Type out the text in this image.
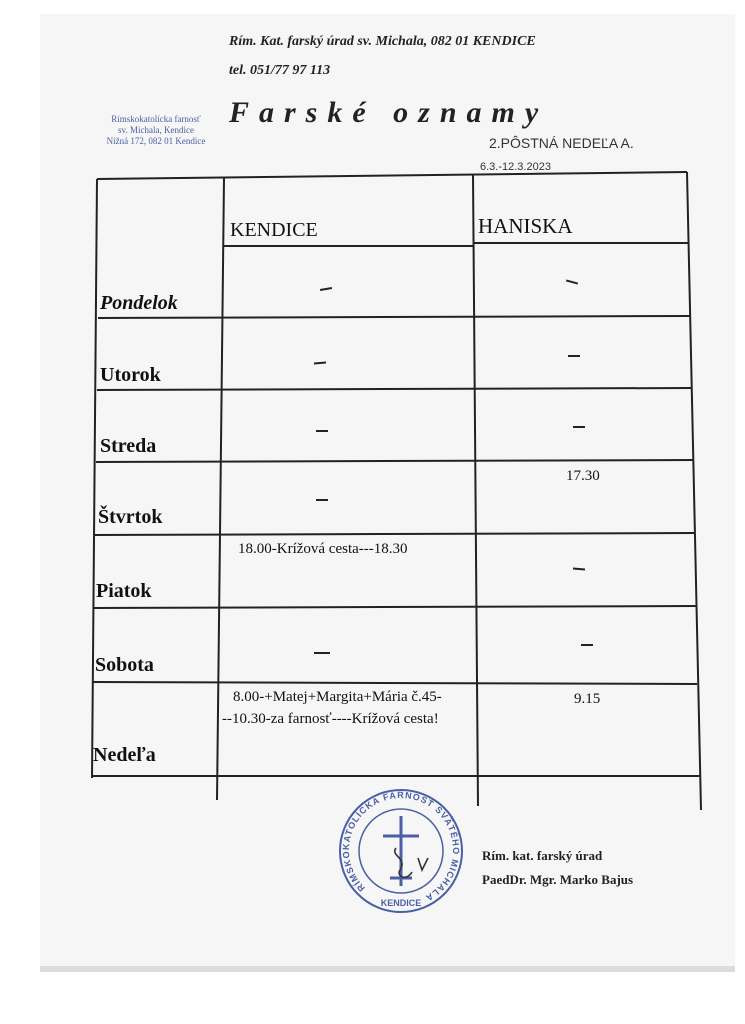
Rím. Kat. farský úrad sv. Michala, 082 01 KENDICE
tel. 051/77 97 113
Rímskokatolícka farnosť
sv. Michala, Kendice
Nižná 172, 082 01 Kendice
Farské oznamy
2.PÔSTNÁ NEDEĽA A.
6.3.-12.3.2023
KENDICE	HANISKA
Pondelok
Utorok
Streda
Štvrtok
Piatok
Sobota
Nedeľa
17.30
18.00-Krížová cesta---18.30
8.00-+Matej+Margita+Mária č.45-
--10.30-za farnosť----Krížová cesta!
9.15
RÍMSKOKATOLÍCKA FARNOSŤ SVÄTÉHO MICHALA
KENDICE
Rím. kat. farský úrad
PaedDr. Mgr. Marko Bajus
